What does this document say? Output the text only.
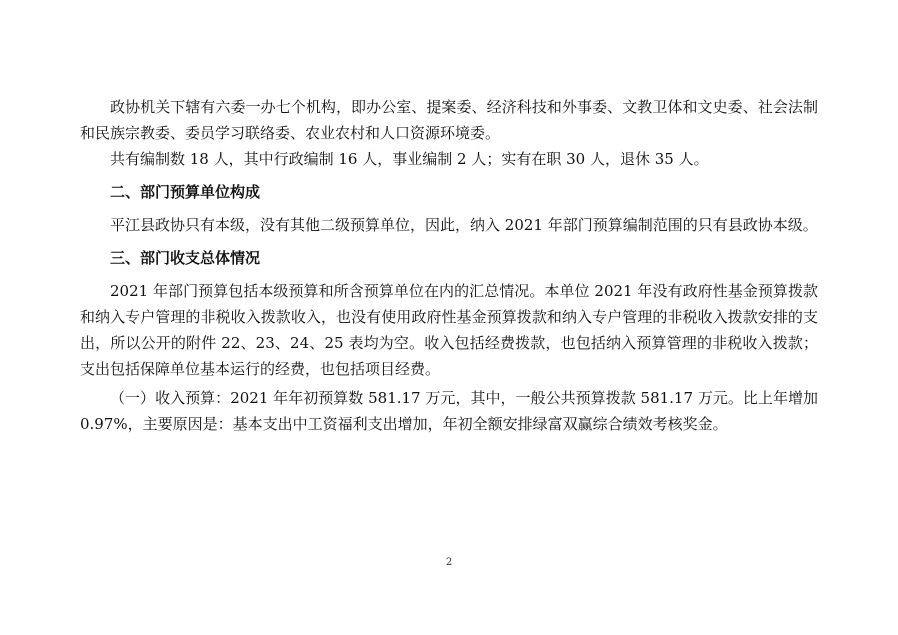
政协机关下辖有六委一办七个机构，即办公室、提案委、经济科技和外事委、文教卫体和文史委、社会法制和民族宗教委、委员学习联络委、农业农村和人口资源环境委。

共有编制数 18 人，其中行政编制 16 人，事业编制 2 人；实有在职 30 人，退休 35 人。

二、部门预算单位构成

平江县政协只有本级，没有其他二级预算单位，因此，纳入 2021 年部门预算编制范围的只有县政协本级。

三、部门收支总体情况

2021 年部门预算包括本级预算和所含预算单位在内的汇总情况。本单位 2021 年没有政府性基金预算拨款和纳入专户管理的非税收入拨款收入，也没有使用政府性基金预算拨款和纳入专户管理的非税收入拨款安排的支出，所以公开的附件 22、23、24、25 表均为空。收入包括经费拨款，也包括纳入预算管理的非税收入拨款；支出包括保障单位基本运行的经费，也包括项目经费。

（一）收入预算：2021 年年初预算数 581.17 万元，其中，一般公共预算拨款 581.17 万元。比上年增加 0.97%，主要原因是：基本支出中工资福利支出增加，年初全额安排绿富双赢综合绩效考核奖金。

2
